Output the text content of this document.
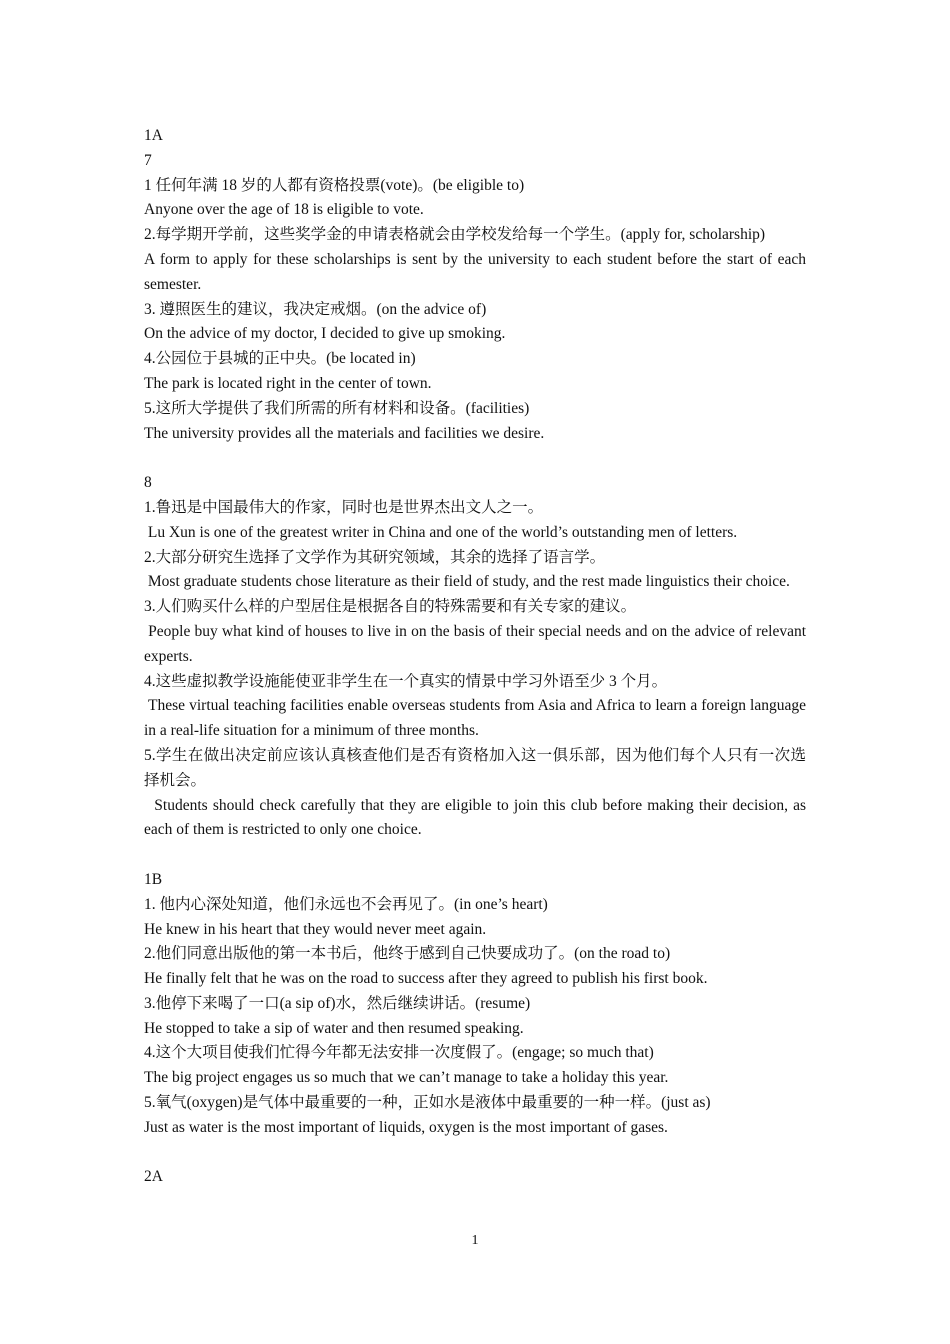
1A
7
1 任何年满 18 岁的人都有资格投票(vote)。(be eligible to)
Anyone over the age of 18 is eligible to vote.
2.每学期开学前，这些奖学金的申请表格就会由学校发给每一个学生。(apply for, scholarship)
A form to apply for these scholarships is sent by the university to each student before the start of each semester.
3. 遵照医生的建议，我决定戒烟。(on the advice of)
On the advice of my doctor, I decided to give up smoking.
4.公园位于县城的正中央。(be located in)
The park is located right in the center of town.
5.这所大学提供了我们所需的所有材料和设备。(facilities)
The university provides all the materials and facilities we desire.
8
1.鲁迅是中国最伟大的作家，同时也是世界杰出文人之一。
Lu Xun is one of the greatest writer in China and one of the world’s outstanding men of letters.
2.大部分研究生选择了文学作为其研究领域，其余的选择了语言学。
Most graduate students chose literature as their field of study, and the rest made linguistics their choice.
3.人们购买什么样的户型居住是根据各自的特殊需要和有关专家的建议。
People buy what kind of houses to live in on the basis of their special needs and on the advice of relevant experts.
4.这些虚拟教学设施能使亚非学生在一个真实的情景中学习外语至少 3 个月。
These virtual teaching facilities enable overseas students from Asia and Africa to learn a foreign language in a real-life situation for a minimum of three months.
5.学生在做出决定前应该认真核查他们是否有资格加入这一俱乐部，因为他们每个人只有一次选择机会。
Students should check carefully that they are eligible to join this club before making their decision, as each of them is restricted to only one choice.
1B
1. 他内心深处知道，他们永远也不会再见了。(in one’s heart)
He knew in his heart that they would never meet again.
2.他们同意出版他的第一本书后，他终于感到自己快要成功了。(on the road to)
He finally felt that he was on the road to success after they agreed to publish his first book.
3.他停下来喝了一口(a sip of)水，然后继续讲话。(resume)
He stopped to take a sip of water and then resumed speaking.
4.这个大项目使我们忙得今年都无法安排一次度假了。(engage; so much that)
The big project engages us so much that we can’t manage to take a holiday this year.
5.氧气(oxygen)是气体中最重要的一种，正如水是液体中最重要的一种一样。(just as)
Just as water is the most important of liquids, oxygen is the most important of gases.
2A
1
